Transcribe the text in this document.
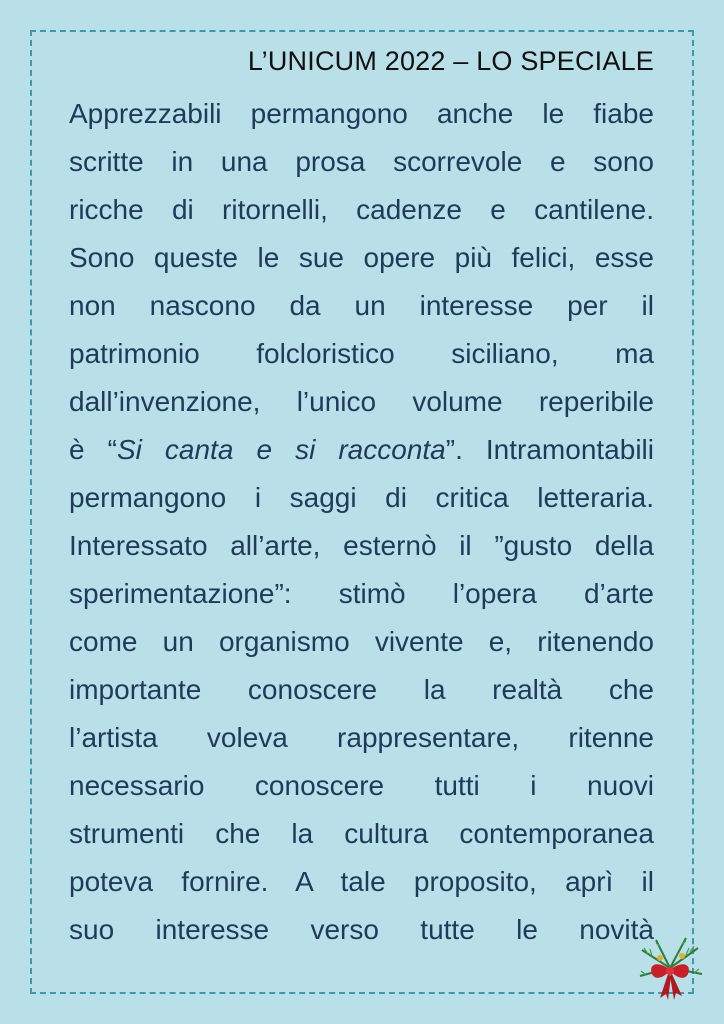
L’UNICUM 2022 – LO SPECIALE
Apprezzabili permangono anche le fiabe
scritte in una prosa scorrevole e sono
ricche di ritornelli, cadenze e cantilene.
Sono queste le sue opere più felici, esse
non nascono da un interesse per il
patrimonio folcloristico siciliano, ma
dall’invenzione, l’unico volume reperibile
è “Si canta e si racconta”. Intramontabili
permangono i saggi di critica letteraria.
Interessato all’arte, esternò il ”gusto della
sperimentazione”: stimò l’opera d’arte
come un organismo vivente e, ritenendo
importante conoscere la realtà che
l’artista voleva rappresentare, ritenne
necessario conoscere tutti i nuovi
strumenti che la cultura contemporanea
poteva fornire. A tale proposito, aprì il
suo interesse verso tutte le novità
